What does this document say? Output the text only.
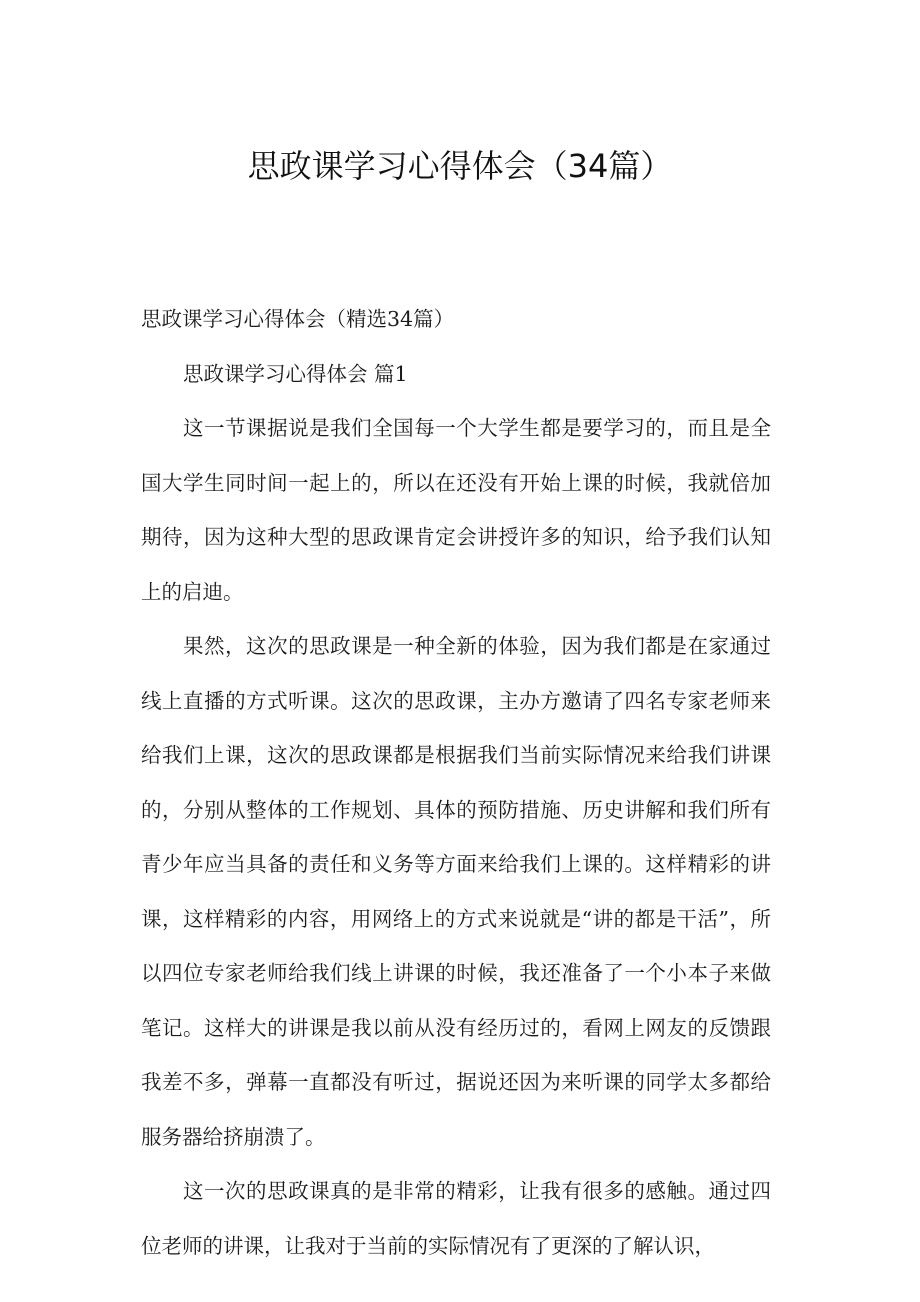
思政课学习心得体会（34篇）

思政课学习心得体会（精选34篇）

思政课学习心得体会 篇1

这一节课据说是我们全国每一个大学生都是要学习的，而且是全国大学生同时间一起上的，所以在还没有开始上课的时候，我就倍加期待，因为这种大型的思政课肯定会讲授许多的知识，给予我们认知上的启迪。

果然，这次的思政课是一种全新的体验，因为我们都是在家通过线上直播的方式听课。这次的思政课，主办方邀请了四名专家老师来给我们上课，这次的思政课都是根据我们当前实际情况来给我们讲课的，分别从整体的工作规划、具体的预防措施、历史讲解和我们所有青少年应当具备的责任和义务等方面来给我们上课的。这样精彩的讲课，这样精彩的内容，用网络上的方式来说就是“讲的都是干活”，所以四位专家老师给我们线上讲课的时候，我还准备了一个小本子来做笔记。这样大的讲课是我以前从没有经历过的，看网上网友的反馈跟我差不多，弹幕一直都没有听过，据说还因为来听课的同学太多都给服务器给挤崩溃了。

这一次的思政课真的是非常的精彩，让我有很多的感触。通过四位老师的讲课，让我对于当前的实际情况有了更深的了解认识，
